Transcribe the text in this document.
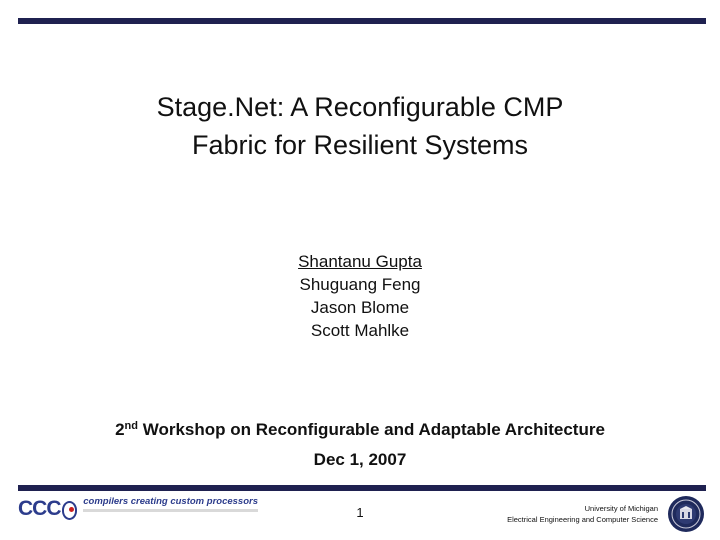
Stage.Net: A Reconfigurable CMP
Fabric for Resilient Systems
Shantanu Gupta
Shuguang Feng
Jason Blome
Scott Mahlke
2nd Workshop on Reconfigurable and Adaptable Architecture
Dec 1, 2007
CCC compilers creating custom processors
1	University of Michigan
Electrical Engineering and Computer Science
